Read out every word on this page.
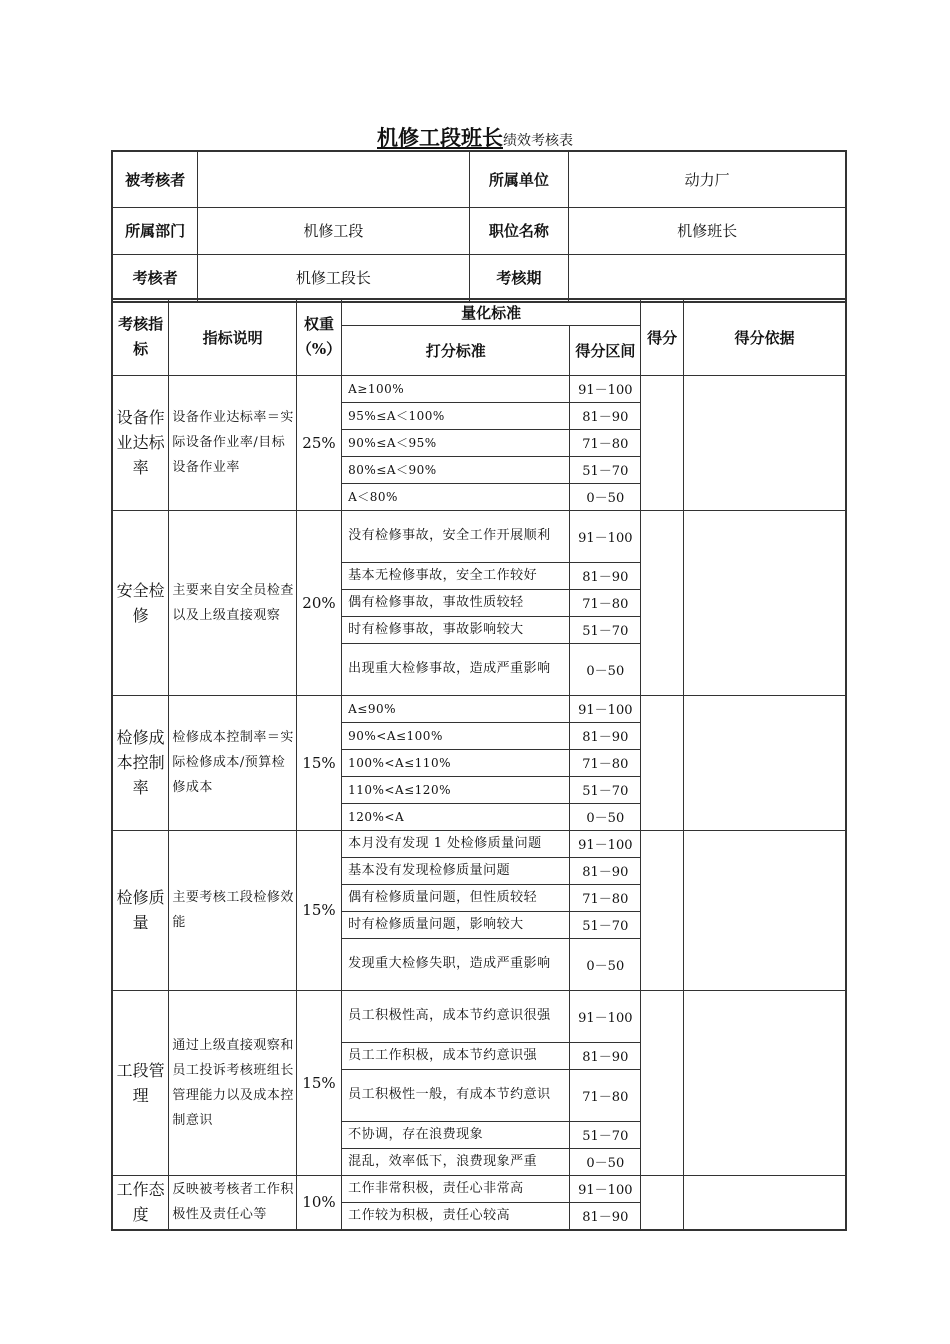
机修工段班长绩效考核表
被考核者		所属单位	动力厂
所属部门	机修工段	职位名称	机修班长
考核者	机修工段长	考核期	
考核指标	指标说明	权重（%）	量化标准		得分	得分依据
			打分标准	得分区间		
设备作业达标率	设备作业达标率＝实际设备作业率/目标设备作业率	25%	A≥100%	91－100		
			95%≤A＜100%	81－90		
			90%≤A＜95%	71－80		
			80%≤A＜90%	51－70		
			A＜80%	0－50		
安全检修	主要来自安全员检查以及上级直接观察	20%	没有检修事故，安全工作开展顺利	91－100		
			基本无检修事故，安全工作较好	81－90		
			偶有检修事故，事故性质较轻	71－80		
			时有检修事故，事故影响较大	51－70		
			出现重大检修事故，造成严重影响	0－50		
检修成本控制率	检修成本控制率＝实际检修成本/预算检修成本	15%	A≤90%	91－100		
			90%<A≤100%	81－90		
			100%<A≤110%	71－80		
			110%<A≤120%	51－70		
			120%<A	0－50		
检修质量	主要考核工段检修效能	15%	本月没有发现 1 处检修质量问题	91－100		
			基本没有发现检修质量问题	81－90		
			偶有检修质量问题，但性质较轻	71－80		
			时有检修质量问题，影响较大	51－70		
			发现重大检修失职，造成严重影响	0－50		
工段管理	通过上级直接观察和员工投诉考核班组长管理能力以及成本控制意识	15%	员工积极性高，成本节约意识很强	91－100		
			员工工作积极，成本节约意识强	81－90		
			员工积极性一般，有成本节约意识	71－80		
			不协调，存在浪费现象	51－70		
			混乱，效率低下，浪费现象严重	0－50		
工作态度	反映被考核者工作积极性及责任心等	10%	工作非常积极，责任心非常高	91－100		
			工作较为积极，责任心较高	81－90		
